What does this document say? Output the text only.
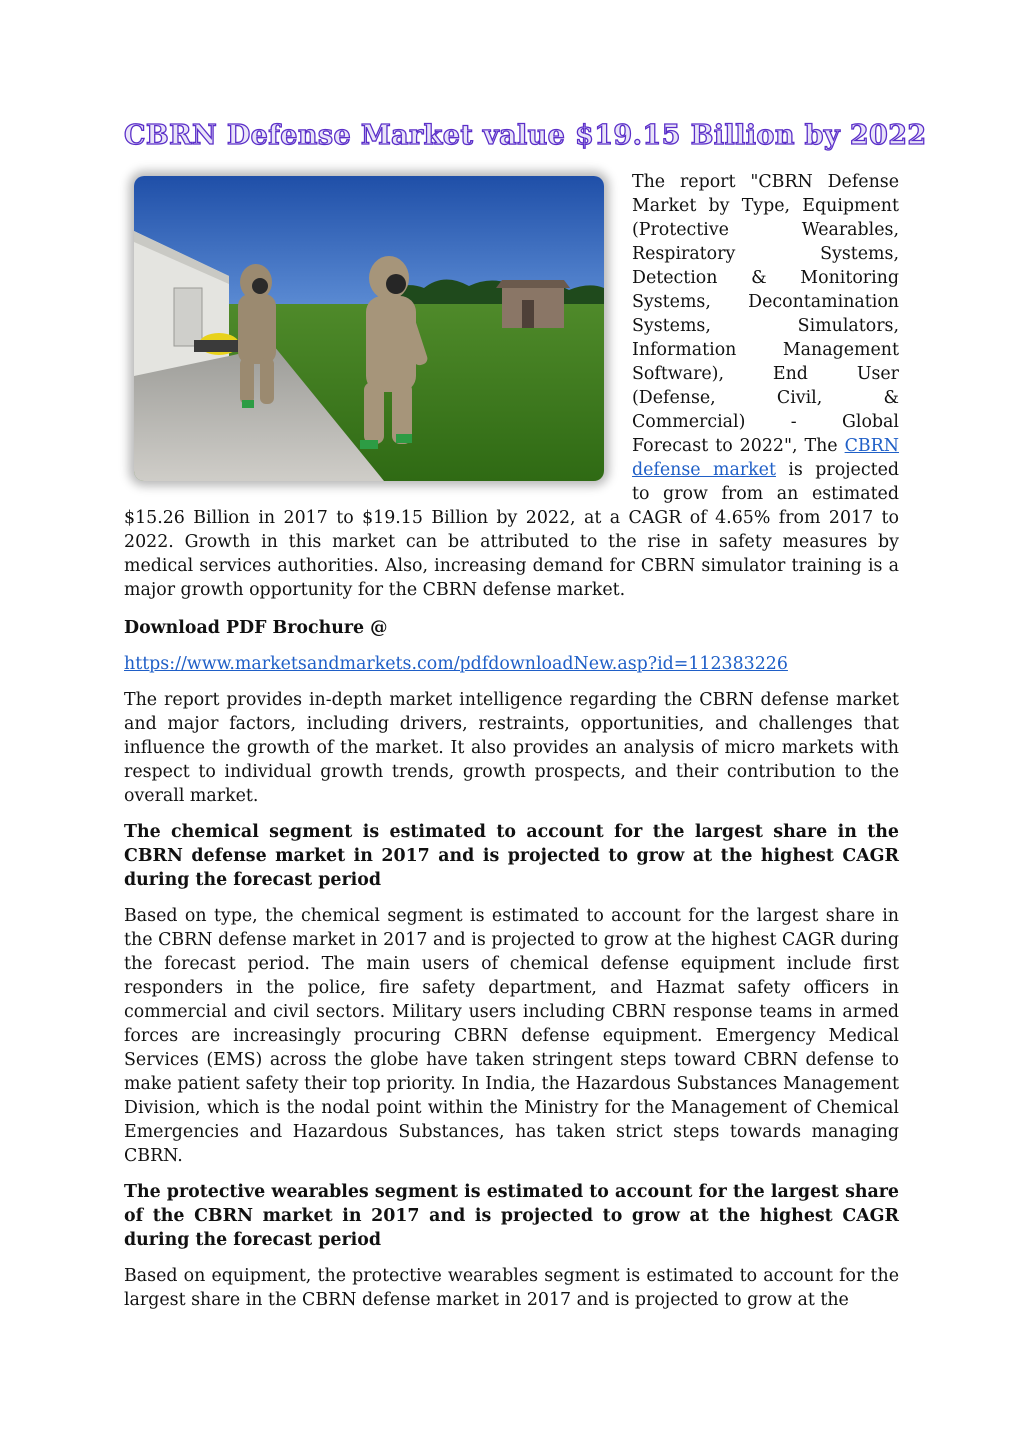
CBRN Defense Market value $19.15 Billion by 2022

The report "CBRN Defense Market by Type, Equipment (Protective Wearables, Respiratory Systems, Detection & Monitoring Systems, Decontamination Systems, Simulators, Information Management Software), End User (Defense, Civil, & Commercial) - Global Forecast to 2022", The CBRN defense market is projected to grow from an estimated $15.26 Billion in 2017 to $19.15 Billion by 2022, at a CAGR of 4.65% from 2017 to 2022. Growth in this market can be attributed to the rise in safety measures by medical services authorities. Also, increasing demand for CBRN simulator training is a major growth opportunity for the CBRN defense market.

Download PDF Brochure @

https://www.marketsandmarkets.com/pdfdownloadNew.asp?id=112383226

The report provides in-depth market intelligence regarding the CBRN defense market and major factors, including drivers, restraints, opportunities, and challenges that influence the growth of the market. It also provides an analysis of micro markets with respect to individual growth trends, growth prospects, and their contribution to the overall market.

The chemical segment is estimated to account for the largest share in the CBRN defense market in 2017 and is projected to grow at the highest CAGR during the forecast period

Based on type, the chemical segment is estimated to account for the largest share in the CBRN defense market in 2017 and is projected to grow at the highest CAGR during the forecast period. The main users of chemical defense equipment include first responders in the police, fire safety department, and Hazmat safety officers in commercial and civil sectors. Military users including CBRN response teams in armed forces are increasingly procuring CBRN defense equipment. Emergency Medical Services (EMS) across the globe have taken stringent steps toward CBRN defense to make patient safety their top priority. In India, the Hazardous Substances Management Division, which is the nodal point within the Ministry for the Management of Chemical Emergencies and Hazardous Substances, has taken strict steps towards managing CBRN.

The protective wearables segment is estimated to account for the largest share of the CBRN market in 2017 and is projected to grow at the highest CAGR during the forecast period

Based on equipment, the protective wearables segment is estimated to account for the largest share in the CBRN defense market in 2017 and is projected to grow at the
